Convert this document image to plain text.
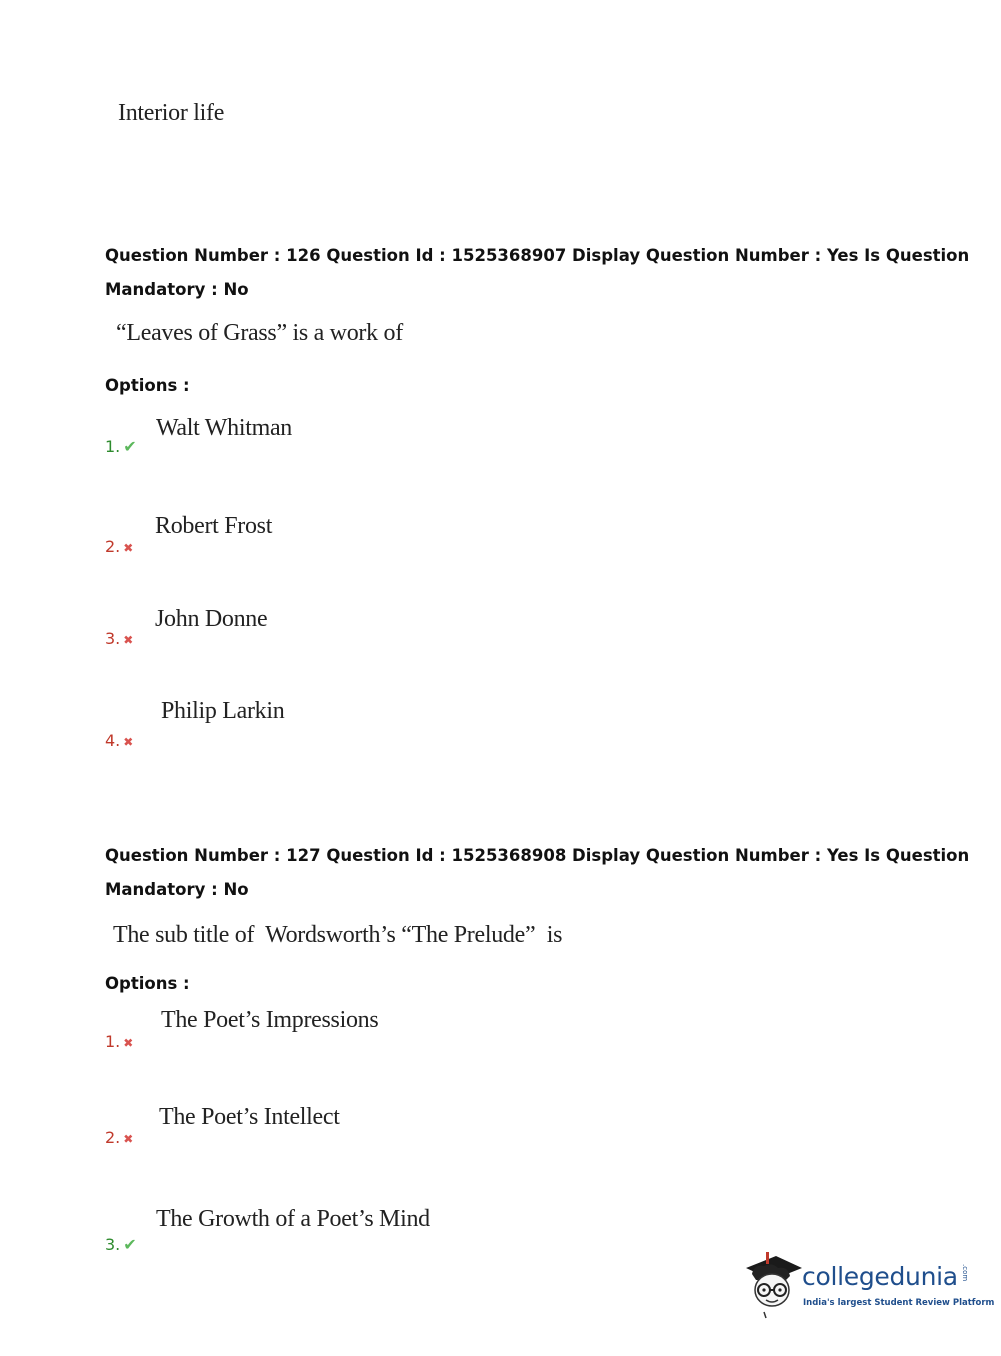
Interior life
Question Number : 126 Question Id : 1525368907 Display Question Number : Yes Is Question
Mandatory : No
“Leaves of Grass” is a work of
Options :
1. ✔
Walt Whitman
2. ✖
Robert Frost
3. ✖
John Donne
4. ✖
Philip Larkin
Question Number : 127 Question Id : 1525368908 Display Question Number : Yes Is Question
Mandatory : No
The sub title of  Wordsworth’s “The Prelude”  is
Options :
1. ✖
The Poet’s Impressions
2. ✖
The Poet’s Intellect
3. ✔
The Growth of a Poet’s Mind
collegedunia .com
India's largest Student Review Platform
